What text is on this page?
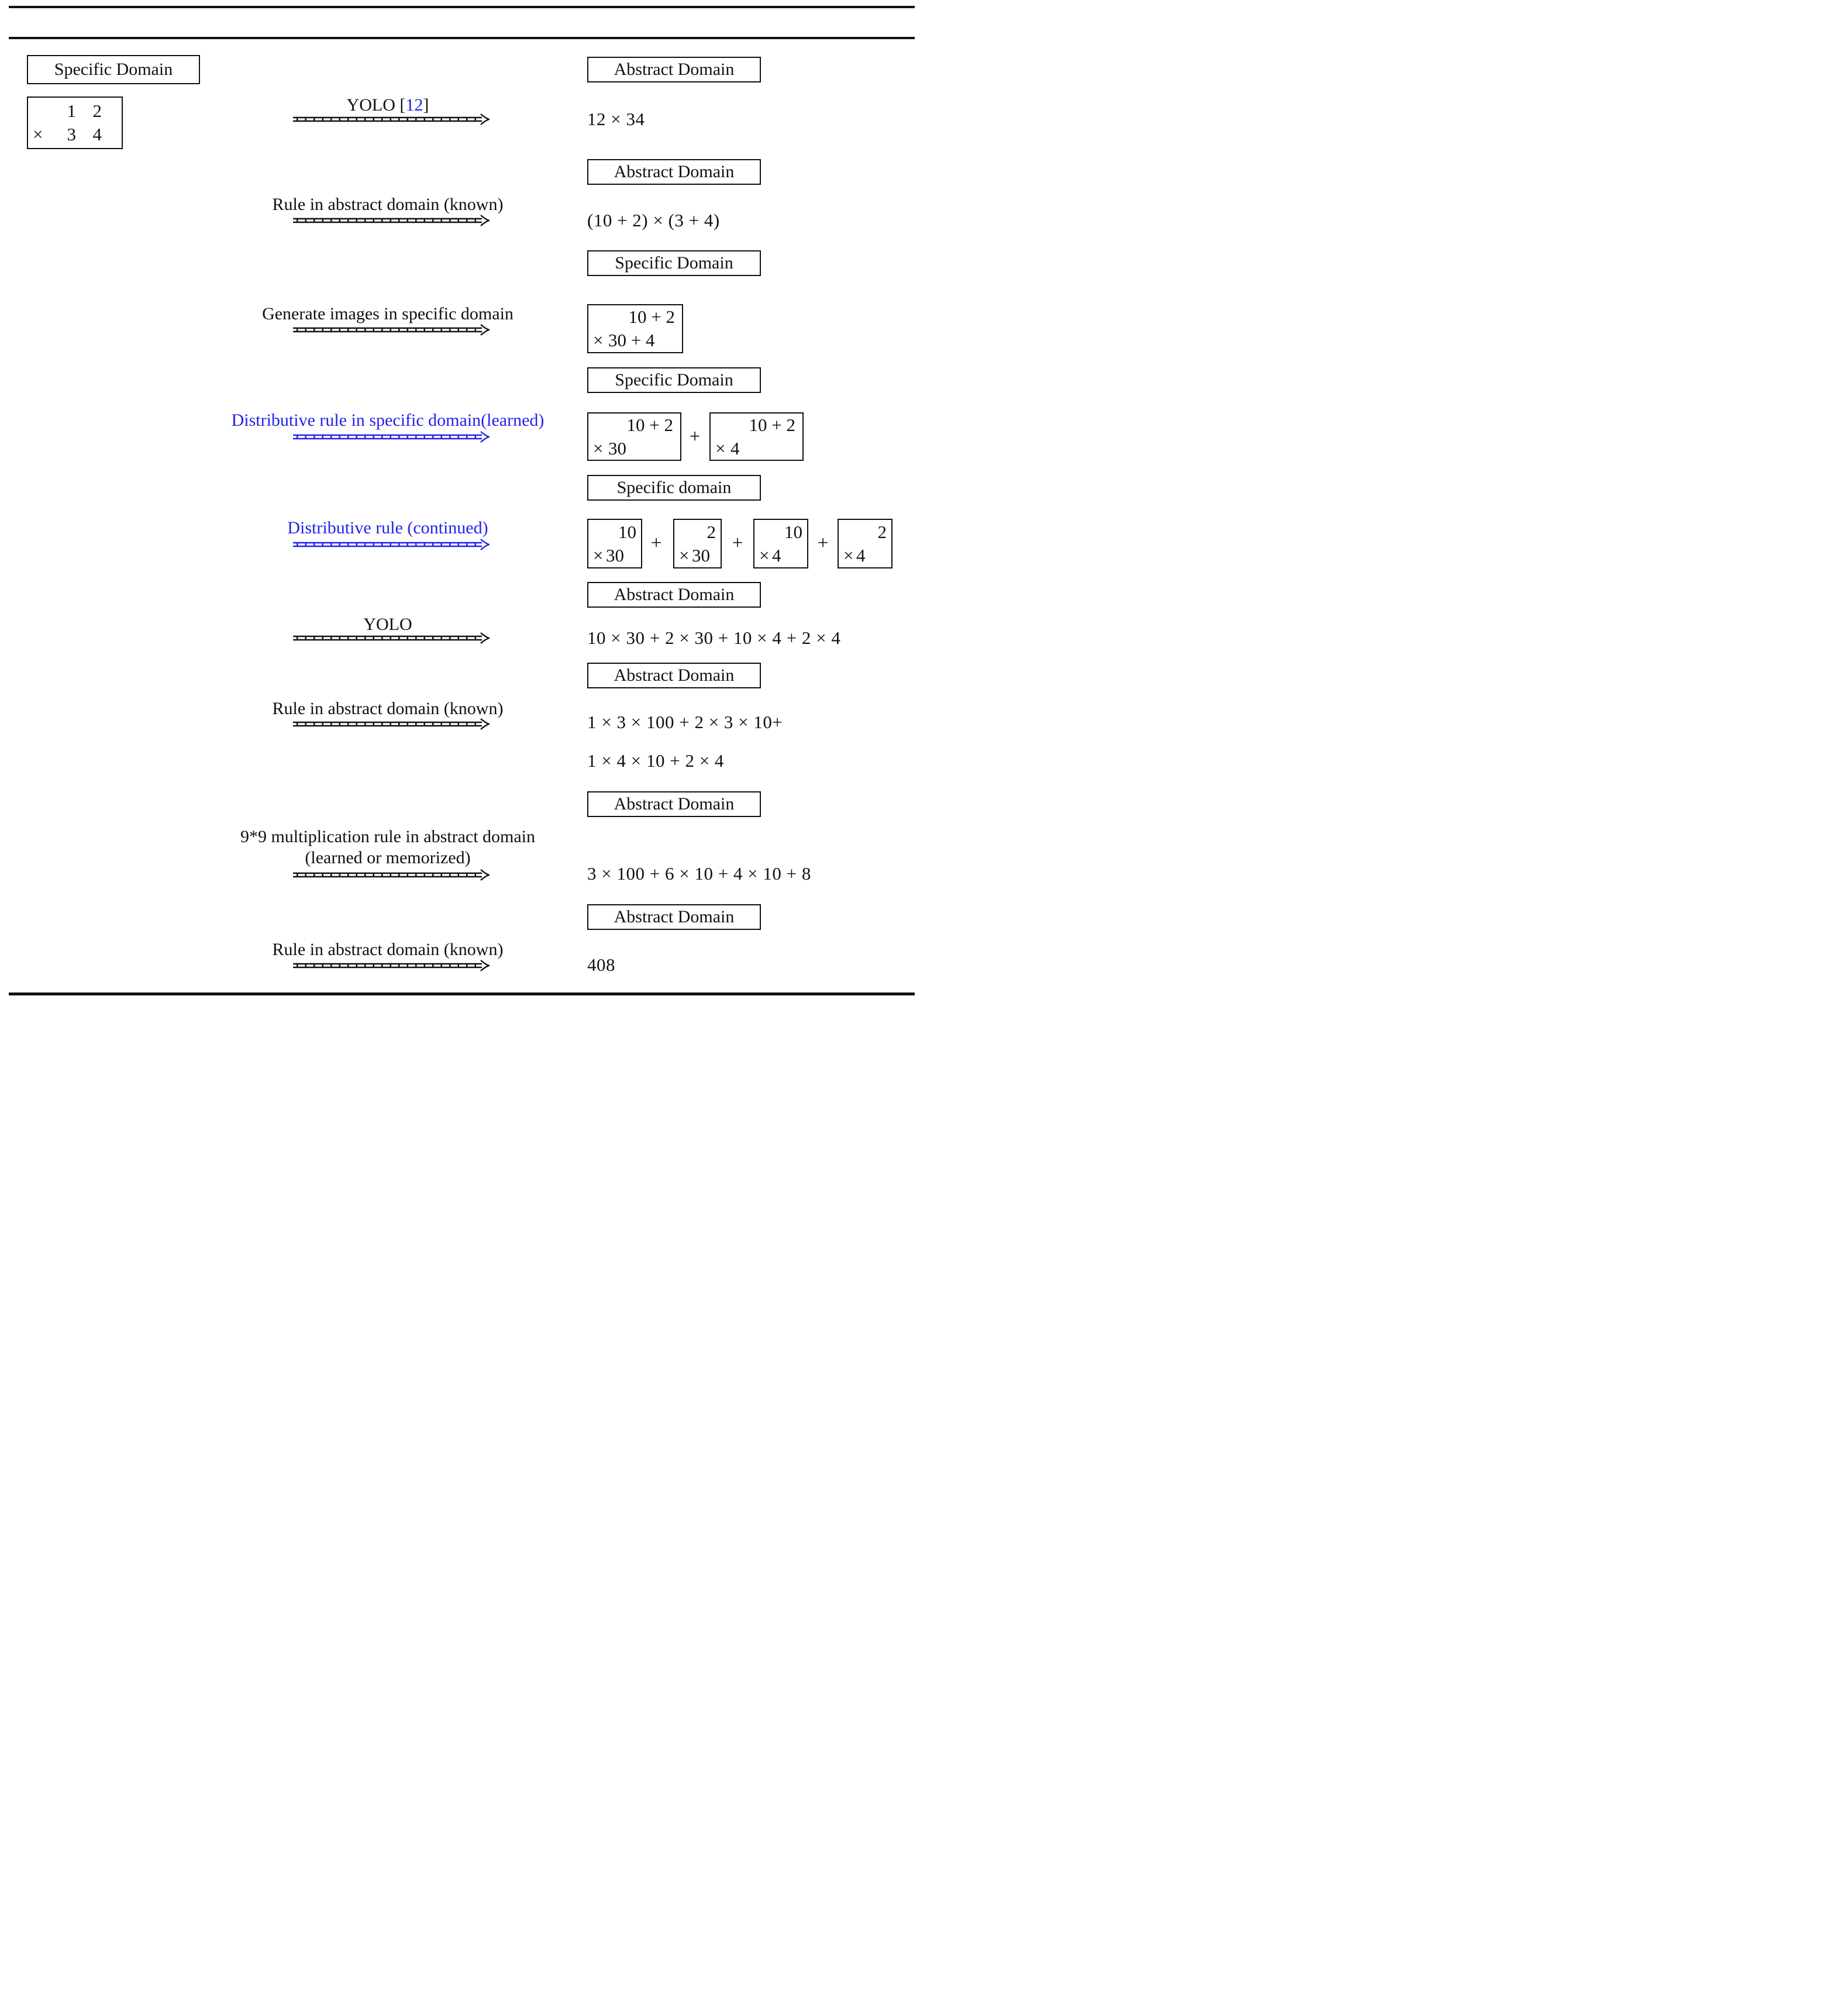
Specific Domain
1 2
×	3 4
YOLO [12]
Abstract Domain
12 × 34
Rule in abstract domain (known)
Abstract Domain
(10 + 2) × (3 + 4)
Generate images in specific domain
Specific Domain
10 + 2
× 30 + 4
Distributive rule in specific domain(learned)
Specific Domain
10 + 2
× 30
+
10 + 2
× 4
Distributive rule (continued)
Specific domain
10
× 30
+
2
× 30
+
10
× 4
+
2
× 4
YOLO
Abstract Domain
10 × 30 + 2 × 30 + 10 × 4 + 2 × 4
Rule in abstract domain (known)
Abstract Domain
1 × 3 × 100 + 2 × 3 × 10+
1 × 4 × 10 + 2 × 4
9*9 multiplication rule in abstract domain
(learned or memorized)
Abstract Domain
3 × 100 + 6 × 10 + 4 × 10 + 8
Rule in abstract domain (known)
Abstract Domain
408
